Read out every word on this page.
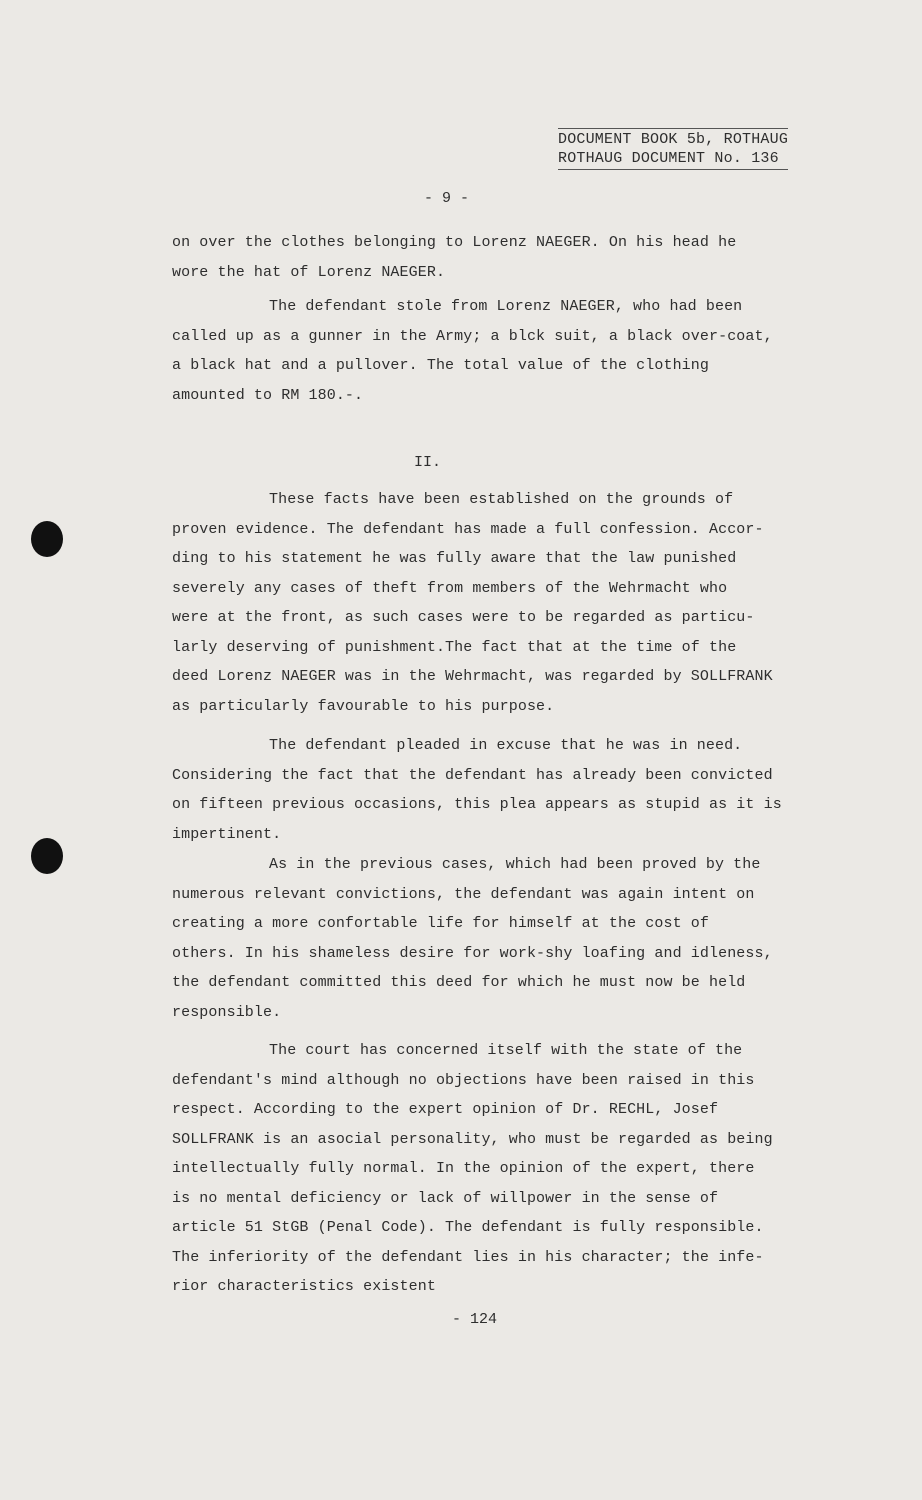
DOCUMENT BOOK 5b, ROTHAUG
ROTHAUG DOCUMENT No. 136
- 9 -
on over the clothes belonging to Lorenz NAEGER. On his head he
wore the hat of Lorenz NAEGER.
The defendant stole from Lorenz NAEGER, who had been
called up as a gunner in the Army; a blck suit, a black over-coat,
a black hat and a pullover. The total value of the clothing
amounted to RM 180.-.
II.
These facts have been established on the grounds of
proven evidence. The defendant has made a full confession. Accor-
ding to his statement he was fully aware that the law punished
severely any cases of theft from members of the Wehrmacht who
were at the front, as such cases were to be regarded as particu-
larly deserving of punishment.The fact that at the time of the
deed Lorenz NAEGER was in the Wehrmacht, was regarded by SOLLFRANK
as particularly favourable to his purpose.
The defendant pleaded in excuse that he was in need.
Considering the fact that the defendant has already been convicted
on fifteen previous occasions, this plea appears as stupid as it is
impertinent.
As in the previous cases, which had been proved by the
numerous relevant convictions, the defendant was again intent on
creating a more confortable life for himself at the cost of
others. In his shameless desire for work-shy loafing and idleness,
the defendant committed this deed for which he must now be held
responsible.
The court has concerned itself with the state of the
defendant's mind although no objections have been raised in this
respect. According to the expert opinion of Dr. RECHL, Josef
SOLLFRANK is an asocial personality, who must be regarded as being
intellectually fully normal. In the opinion of the expert, there
is no mental deficiency or lack of willpower in the sense of
article 51 StGB (Penal Code). The defendant is fully responsible.
The inferiority of the defendant lies in his character; the infe-
rior characteristics existent
- 124
